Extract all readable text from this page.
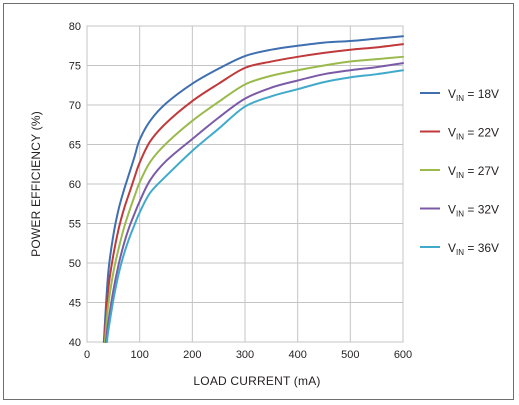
0	100	200	300	400	500	600
40
45
50
55
60
65
70
75
80
LOAD CURRENT (mA)
POWER EFFICIENCY (%)
$V_{IN} = 18V$
$V_{IN} = 22V$
$V_{IN} = 27V$
$V_{IN} = 32V$
$V_{IN} = 36V$
